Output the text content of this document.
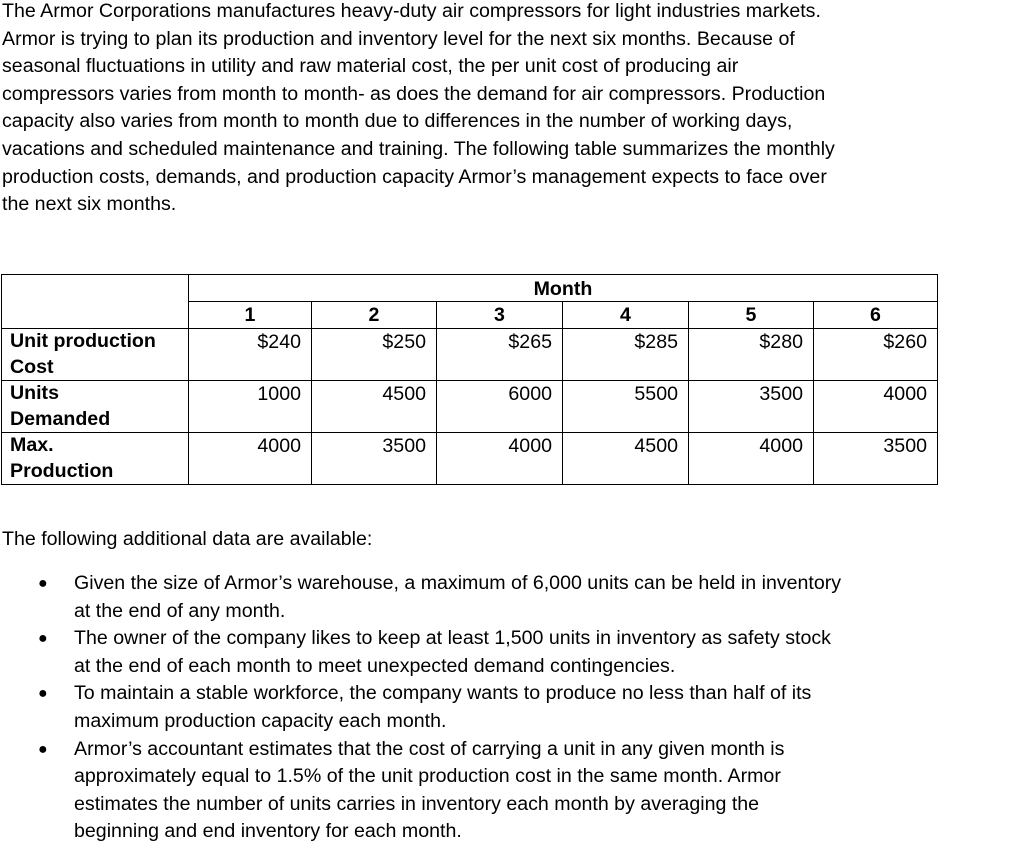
The Armor Corporations manufactures heavy-duty air compressors for light industries markets.
Armor is trying to plan its production and inventory level for the next six months. Because of
seasonal fluctuations in utility and raw material cost, the per unit cost of producing air
compressors varies from month to month- as does the demand for air compressors. Production
capacity also varies from month to month due to differences in the number of working days,
vacations and scheduled maintenance and training. The following table summarizes the monthly
production costs, demands, and production capacity Armor’s management expects to face over
the next six months.

	Month					
	1	2	3	4	5	6

Unit production
Cost	$240	$250	$265	$285	$280	$260

Units
Demanded	1000	4500	6000	5500	3500	4000

Max.
Production	4000	3500	4000	4500	4000	3500

The following additional data are available:

● Given the size of Armor’s warehouse, a maximum of 6,000 units can be held in inventory
at the end of any month.
● The owner of the company likes to keep at least 1,500 units in inventory as safety stock
at the end of each month to meet unexpected demand contingencies.
● To maintain a stable workforce, the company wants to produce no less than half of its
maximum production capacity each month.
● Armor’s accountant estimates that the cost of carrying a unit in any given month is
approximately equal to 1.5% of the unit production cost in the same month. Armor
estimates the number of units carries in inventory each month by averaging the
beginning and end inventory for each month.
